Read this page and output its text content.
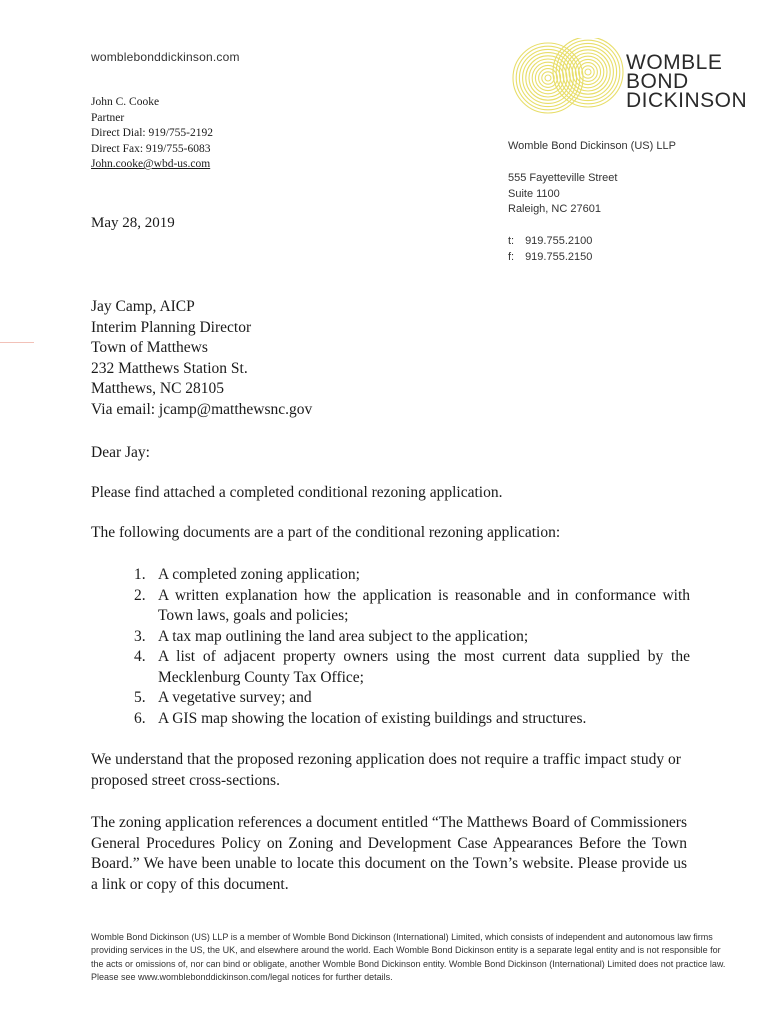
womblebonddickinson.com
John C. Cooke
Partner
Direct Dial: 919/755-2192
Direct Fax: 919/755-6083
John.cooke@wbd-us.com
WOMBLE
BOND
DICKINSON
Womble Bond Dickinson (US) LLP
555 Fayetteville Street
Suite 1100
Raleigh, NC 27601
t: 919.755.2100
f: 919.755.2150
May 28, 2019
Jay Camp, AICP
Interim Planning Director
Town of Matthews
232 Matthews Station St.
Matthews, NC 28105
Via email: jcamp@matthewsnc.gov
Dear Jay:
Please find attached a completed conditional rezoning application.
The following documents are a part of the conditional rezoning application:
1. A completed zoning application;
2. A written explanation how the application is reasonable and in conformance with Town laws, goals and policies;
3. A tax map outlining the land area subject to the application;
4. A list of adjacent property owners using the most current data supplied by the Mecklenburg County Tax Office;
5. A vegetative survey; and
6. A GIS map showing the location of existing buildings and structures.
We understand that the proposed rezoning application does not require a traffic impact study or proposed street cross-sections.
The zoning application references a document entitled “The Matthews Board of Commissioners General Procedures Policy on Zoning and Development Case Appearances Before the Town Board.” We have been unable to locate this document on the Town’s website. Please provide us a link or copy of this document.
Womble Bond Dickinson (US) LLP is a member of Womble Bond Dickinson (International) Limited, which consists of independent and autonomous law firms providing services in the US, the UK, and elsewhere around the world. Each Womble Bond Dickinson entity is a separate legal entity and is not responsible for the acts or omissions of, nor can bind or obligate, another Womble Bond Dickinson entity. Womble Bond Dickinson (International) Limited does not practice law. Please see www.womblebonddickinson.com/legal notices for further details.
